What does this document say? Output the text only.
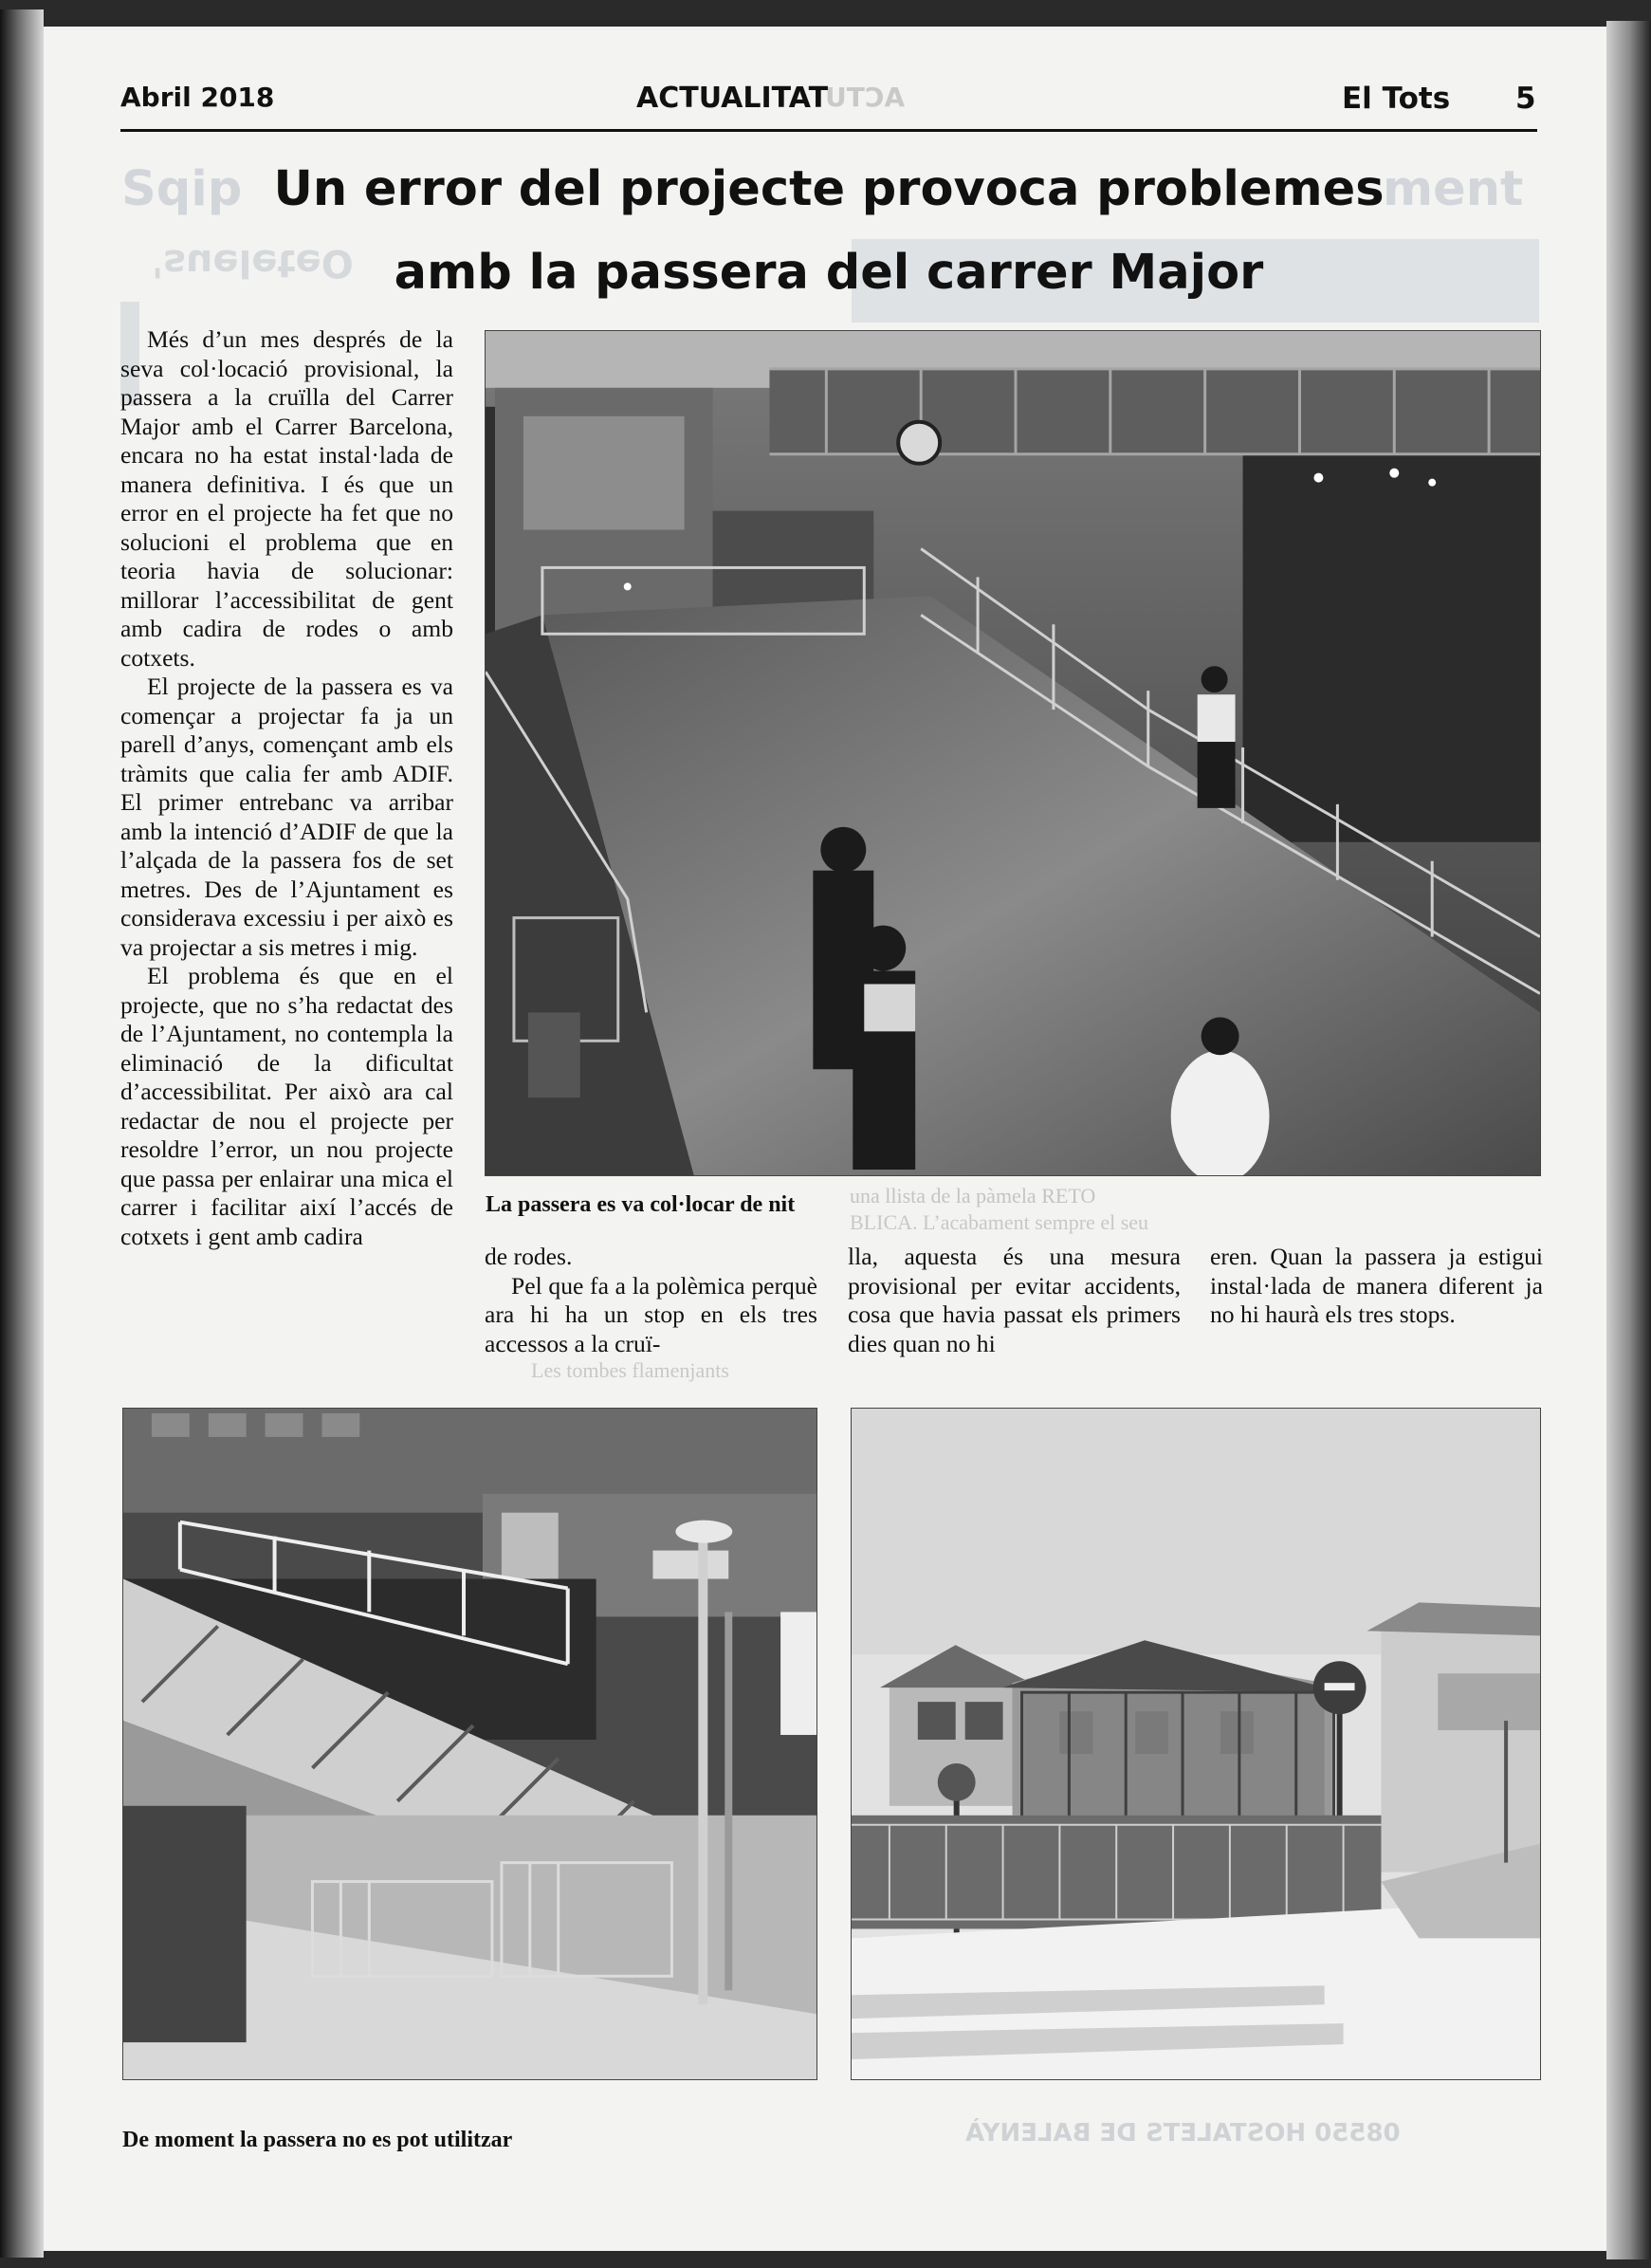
ACTU
Sqip	ment
'sueleteO
una llista de la pàmela RETO
BLICA. L’acabament sempre el seu
Les tombes flamenjants
08550 HOSTALETS DE BALENYÀ
Abril 2018	ACTUALITAT	El Tots 5
Un error del projecte provoca problemes
amb la passera del carrer Major

Més d’un mes després de la seva col·locació provisional, la passera a la cruïlla del Carrer Major amb el Carrer Barcelona, encara no ha estat instal·lada de manera definitiva. I és que un error en el projecte ha fet que no solucioni el problema que en teoria havia de solucionar: millorar l’accessibilitat de gent amb cadira de rodes o amb cotxets.

El projecte de la passera es va començar a projectar fa ja un parell d’anys, començant amb els tràmits que calia fer amb ADIF. El primer entrebanc va arribar amb la intenció d’ADIF de que la l’alçada de la passera fos de set metres. Des de l’Ajuntament es considerava excessiu i per això es va projectar a sis metres i mig.

El problema és que en el projecte, que no s’ha redactat des de l’Ajuntament, no contempla la eliminació de la dificultat d’accessibilitat. Per això ara cal redactar de nou el projecte per resoldre l’error, un nou projecte que passa per enlairar una mica el carrer i facilitar així l’accés de cotxets i gent amb cadira

La passera es va col·locar de nit

de rodes.

Pel que fa a la polèmica perquè ara hi ha un stop en els tres accessos a la cruï-

lla, aquesta és una mesura provisional per evitar accidents, cosa que havia passat els primers dies quan no hi

eren. Quan la passera ja estigui instal·lada de manera diferent ja no hi haurà els tres stops.

De moment la passera no es pot utilitzar
